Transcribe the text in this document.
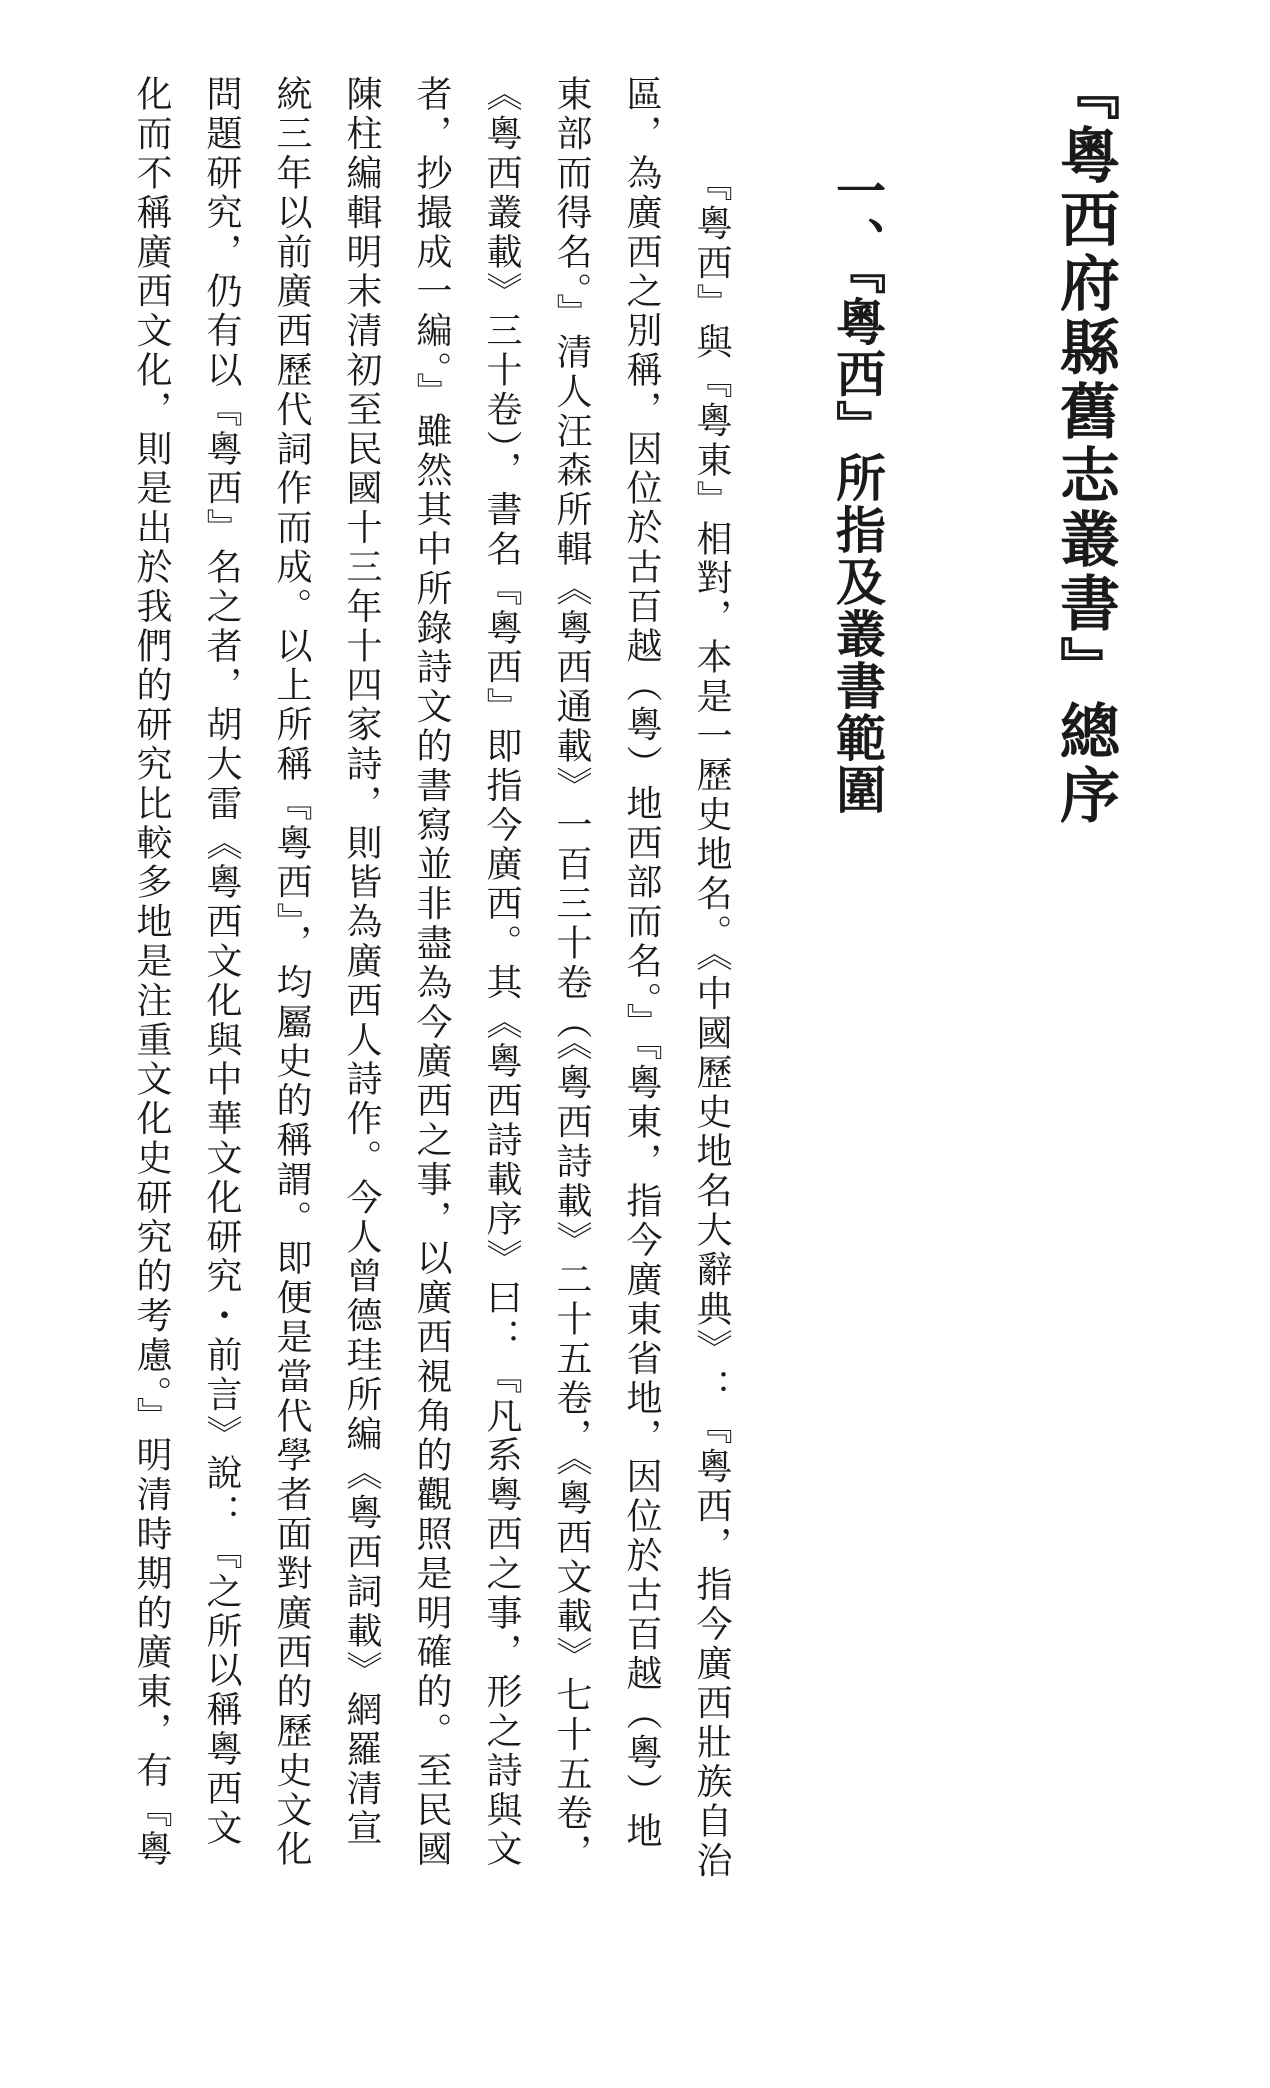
『粵西府縣舊志叢書』總序
一、『粵西』所指及叢書範圍

『粵西』與『粵東』相對，本是一歷史地名。《中國歷史地名大辭典》：『粵西，指今廣西壯族自治

區，為廣西之別稱，因位於古百越（粵）地西部而名。』『粵東，指今廣東省地，因位於古百越（粵）地

東部而得名。』清人汪森所輯《粵西通載》一百三十卷（《粵西詩載》二十五卷，《粵西文載》七十五卷，

《粵西叢載》三十卷），書名『粵西』即指今廣西。其《粵西詩載序》曰：『凡系粵西之事，形之詩與文

者，抄撮成一編。』雖然其中所錄詩文的書寫並非盡為今廣西之事，以廣西視角的觀照是明確的。至民國

陳柱編輯明末清初至民國十三年十四家詩，則皆為廣西人詩作。今人曾德珪所編《粵西詞載》網羅清宣

統三年以前廣西歷代詞作而成。以上所稱『粵西』，均屬史的稱謂。即便是當代學者面對廣西的歷史文化

問題研究，仍有以『粵西』名之者，胡大雷《粵西文化與中華文化研究・前言》說：『之所以稱粵西文

化而不稱廣西文化，則是出於我們的研究比較多地是注重文化史研究的考慮。』明清時期的廣東，有『粵
